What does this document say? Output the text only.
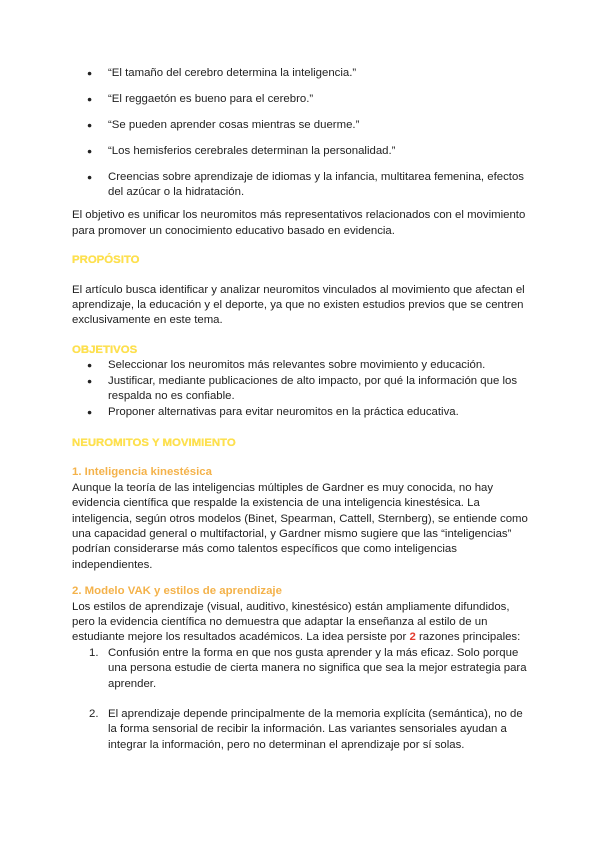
● “El tamaño del cerebro determina la inteligencia.”
● “El reggaetón es bueno para el cerebro.”
● “Se pueden aprender cosas mientras se duerme.”
● “Los hemisferios cerebrales determinan la personalidad.”
● Creencias sobre aprendizaje de idiomas y la infancia, multitarea femenina, efectos del azúcar o la hidratación.

El objetivo es unificar los neuromitos más representativos relacionados con el movimiento para promover un conocimiento educativo basado en evidencia.

PROPÓSITO

El artículo busca identificar y analizar neuromitos vinculados al movimiento que afectan el aprendizaje, la educación y el deporte, ya que no existen estudios previos que se centren exclusivamente en este tema.

OBJETIVOS

● Seleccionar los neuromitos más relevantes sobre movimiento y educación.
● Justificar, mediante publicaciones de alto impacto, por qué la información que los respalda no es confiable.
● Proponer alternativas para evitar neuromitos en la práctica educativa.

NEUROMITOS Y MOVIMIENTO

1. Inteligencia kinestésica

Aunque la teoría de las inteligencias múltiples de Gardner es muy conocida, no hay evidencia científica que respalde la existencia de una inteligencia kinestésica. La inteligencia, según otros modelos (Binet, Spearman, Cattell, Sternberg), se entiende como una capacidad general o multifactorial, y Gardner mismo sugiere que las “inteligencias” podrían considerarse más como talentos específicos que como inteligencias independientes.

2. Modelo VAK y estilos de aprendizaje

Los estilos de aprendizaje (visual, auditivo, kinestésico) están ampliamente difundidos, pero la evidencia científica no demuestra que adaptar la enseñanza al estilo de un estudiante mejore los resultados académicos. La idea persiste por 2 razones principales:

1. Confusión entre la forma en que nos gusta aprender y la más eficaz. Solo porque una persona estudie de cierta manera no significa que sea la mejor estrategia para aprender.
2. El aprendizaje depende principalmente de la memoria explícita (semántica), no de la forma sensorial de recibir la información. Las variantes sensoriales ayudan a integrar la información, pero no determinan el aprendizaje por sí solas.
